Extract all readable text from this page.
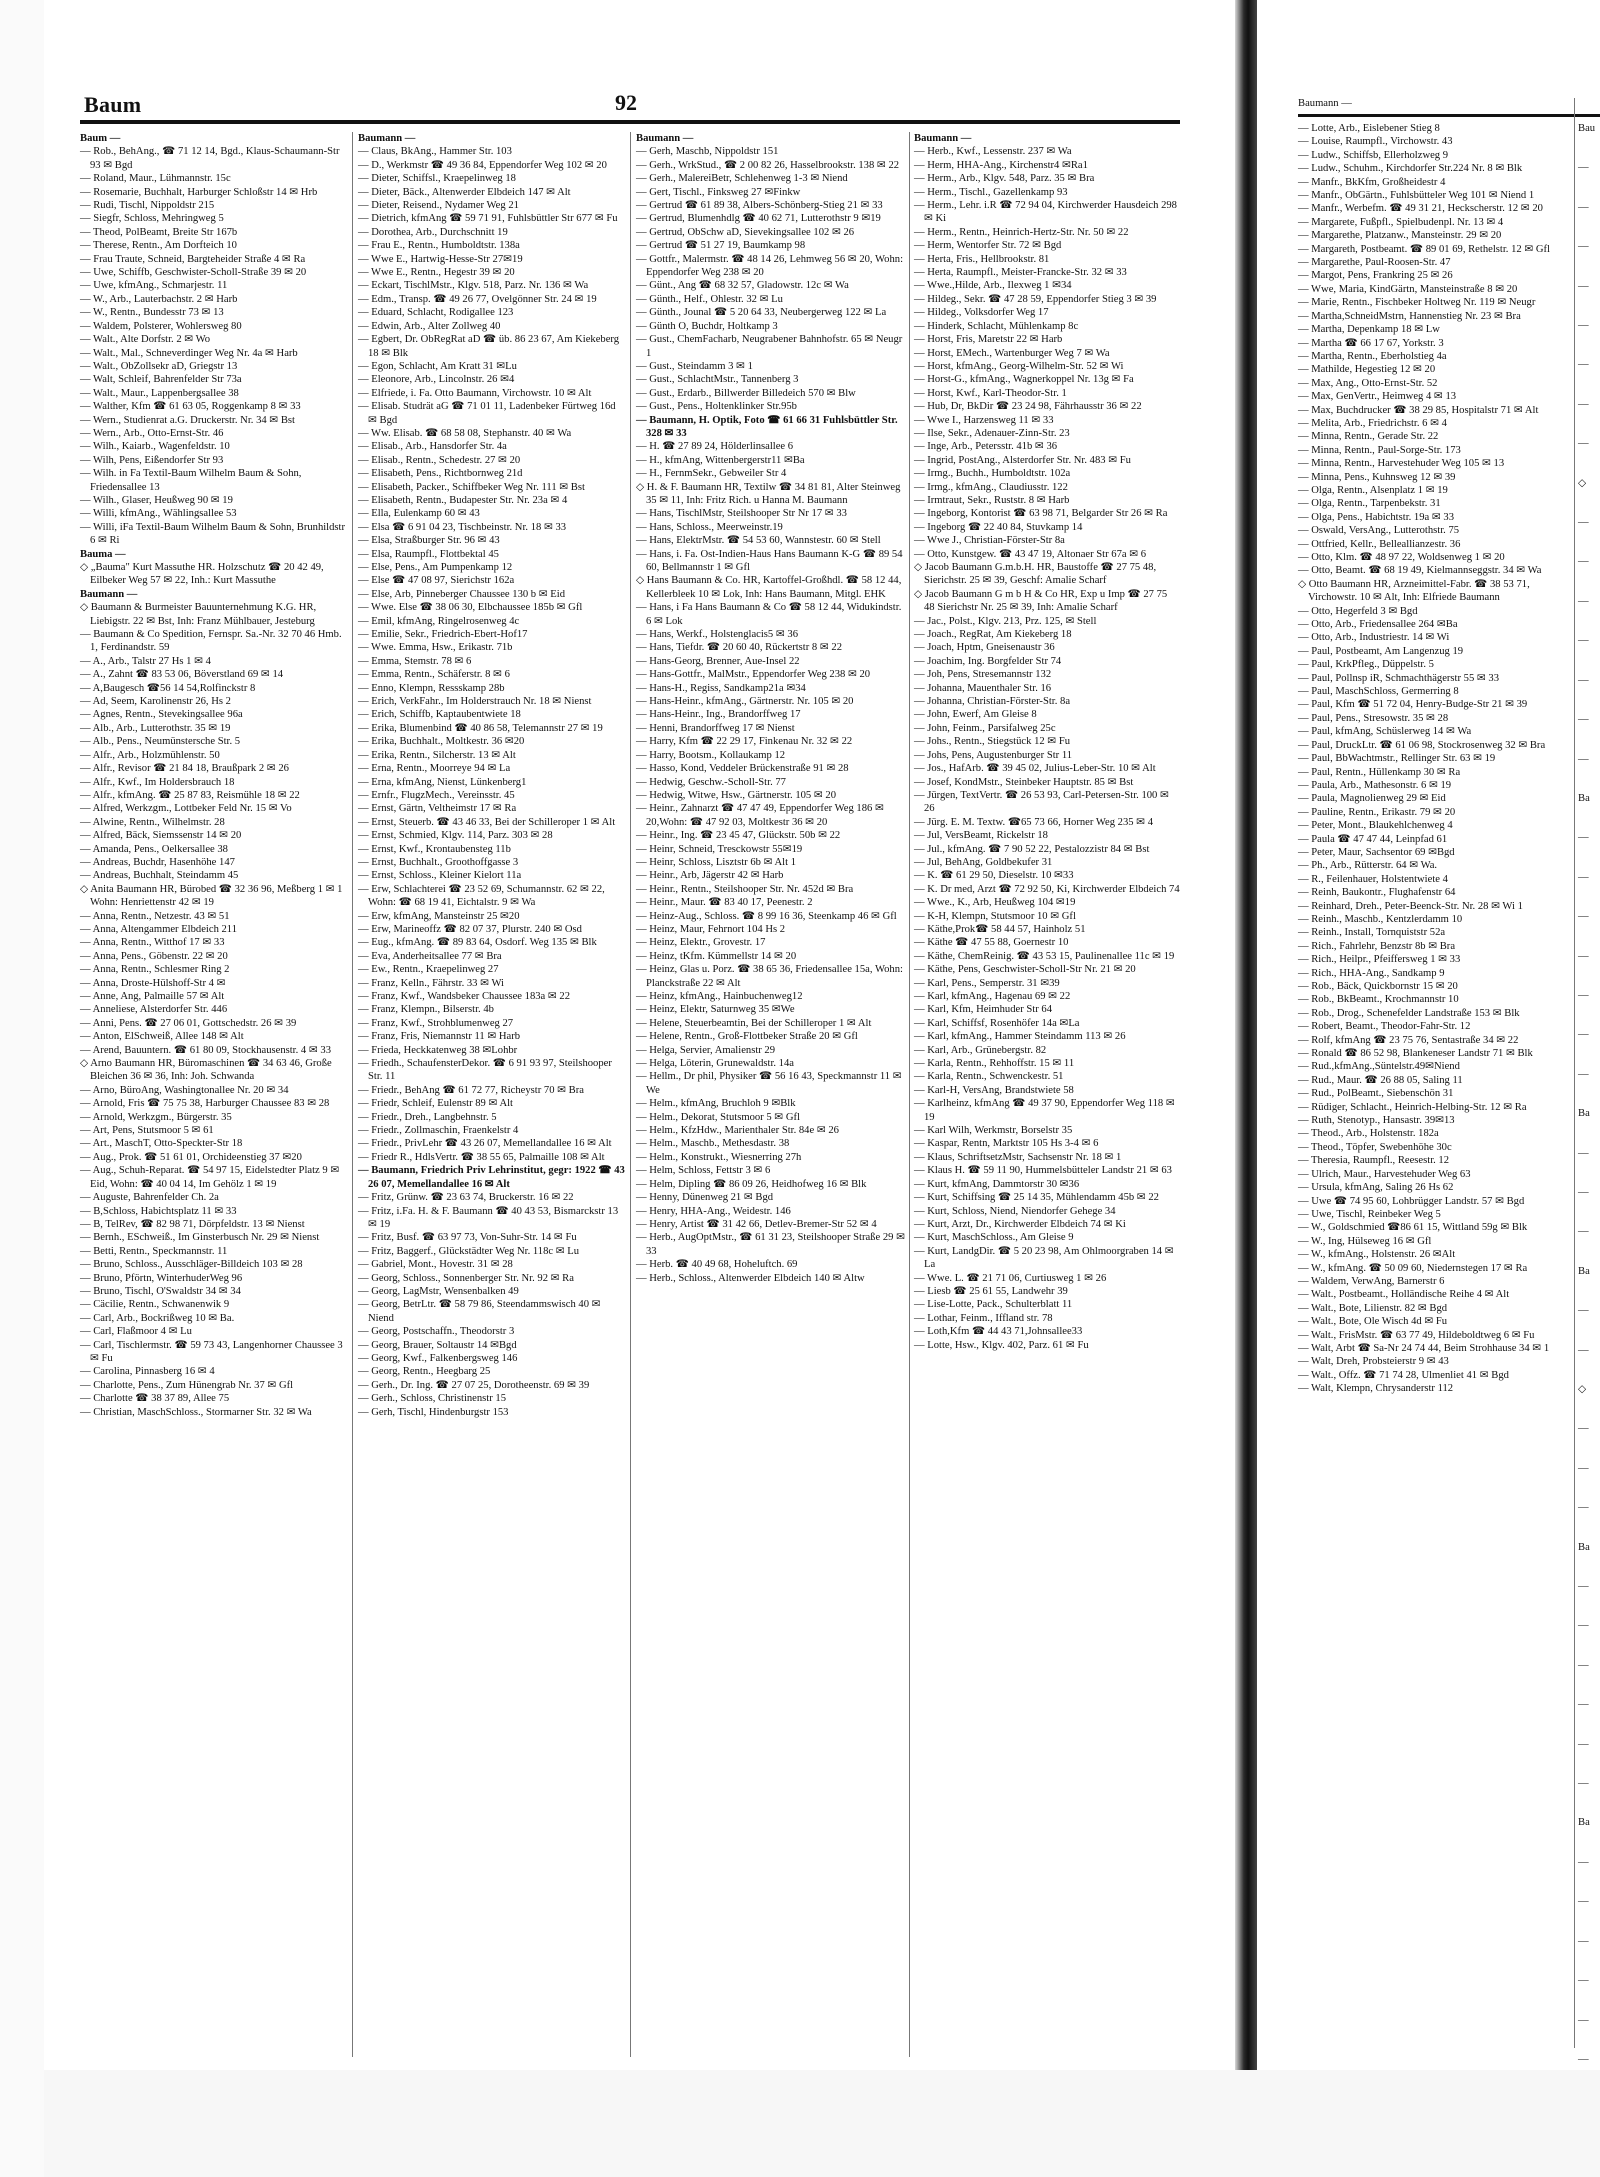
Baum	92

Baum —

— Rob., BehAng., ☎ 71 12 14, Bgd., Klaus-Schaumann-Str 93 ✉ Bgd

— Roland, Maur., Lühmannstr. 15c

— Rosemarie, Buchhalt, Harburger Schloßstr 14 ✉ Hrb

— Rudi, Tischl, Nippoldstr 215

— Siegfr, Schloss, Mehringweg 5

— Theod, PolBeamt, Breite Str 167b

— Therese, Rentn., Am Dorfteich 10

— Frau Traute, Schneid, Bargteheider Straße 4 ✉ Ra

— Uwe, Schiffb, Geschwister-Scholl-Straße 39 ✉ 20

— Uwe, kfmAng., Schmarjestr. 11

— W., Arb., Lauterbachstr. 2 ✉ Harb

— W., Rentn., Bundesstr 73 ✉ 13

— Waldem, Polsterer, Wohlersweg 80

— Walt., Alte Dorfstr. 2 ✉ Wo

— Walt., Mal., Schneverdinger Weg Nr. 4a ✉ Harb

— Walt., ObZollsekr aD, Griegstr 13

— Walt, Schleif, Bahrenfelder Str 73a

— Walt., Maur., Lappenbergsallee 38

— Walther, Kfm ☎ 61 63 05, Roggenkamp 8 ✉ 33

— Wern., Studienrat a.G. Druckerstr. Nr. 34 ✉ Bst

— Wern., Arb., Otto-Ernst-Str. 46

— Wilh., Kaiarb., Wagenfeldstr. 10

— Wilh, Pens, Eißendorfer Str 93

— Wilh. in Fa Textil-Baum Wilhelm Baum & Sohn, Friedensallee 13

— Wilh., Glaser, Heußweg 90 ✉ 19

— Willi, kfmAng., Wählingsallee 53

— Willi, iFa Textil-Baum Wilhelm Baum & Sohn, Brunhildstr 6 ✉ Ri

Bauma —

◇ „Bauma" Kurt Massuthe HR. Holzschutz ☎ 20 42 49, Eilbeker Weg 57 ✉ 22, Inh.: Kurt Massuthe

Baumann —

◇ Baumann & Burmeister Bauunternehmung K.G. HR, Liebigstr. 22 ✉ Bst, Inh: Franz Mühlbauer, Jesteburg

— Baumann & Co Spedition, Fernspr. Sa.-Nr. 32 70 46 Hmb. 1, Ferdinandstr. 59

— A., Arb., Talstr 27 Hs 1 ✉ 4

— A., Zahnt ☎ 83 53 06, Böverstland 69 ✉ 14

— A,Baugesch ☎56 14 54,Rolfinckstr 8

— Ad, Seem, Karolinenstr 26, Hs 2

— Agnes, Rentn., Stevekingsallee 96a

— Alb., Arb., Lutterothstr. 35 ✉ 19

— Alb., Pens., Neumünstersche Str. 5

— Alfr., Arb., Holzmühlenstr. 50

— Alfr., Revisor ☎ 21 84 18, Braußpark 2 ✉ 26

— Alfr., Kwf., Im Holdersbrauch 18

— Alfr., kfmAng. ☎ 25 87 83, Reismühle 18 ✉ 22

— Alfred, Werkzgm., Lottbeker Feld Nr. 15 ✉ Vo

— Alwine, Rentn., Wilhelmstr. 28

— Alfred, Bäck, Siemssenstr 14 ✉ 20

— Amanda, Pens., Oelkersallee 38

— Andreas, Buchdr, Hasenhöhe 147

— Andreas, Buchhalt, Steindamm 45

◇ Anita Baumann HR, Bürobed ☎ 32 36 96, Meßberg 1 ✉ 1 Wohn: Henriettenstr 42 ✉ 19

— Anna, Rentn., Netzestr. 43 ✉ 51

— Anna, Altengammer Elbdeich 211

— Anna, Rentn., Witthof 17 ✉ 33

— Anna, Pens., Göbenstr. 22 ✉ 20

— Anna, Rentn., Schlesmer Ring 2

— Anna, Droste-Hülshoff-Str 4 ✉

— Anne, Ang, Palmaille 57 ✉ Alt

— Anneliese, Alsterdorfer Str. 446

— Anni, Pens. ☎ 27 06 01, Gottschedstr. 26 ✉ 39

— Anton, ElSchweiß, Allee 148 ✉ Alt

— Arend, Bauuntern. ☎ 61 80 09, Stockhausenstr. 4 ✉ 33

◇ Arno Baumann HR, Büromaschinen ☎ 34 63 46, Große Bleichen 36 ✉ 36, Inh: Joh. Schwanda

— Arno, BüroAng, Washingtonallee Nr. 20 ✉ 34

— Arnold, Fris ☎ 75 75 38, Harburger Chaussee 83 ✉ 28

— Arnold, Werkzgm., Bürgerstr. 35

— Art, Pens, Stutsmoor 5 ✉ 61

— Art., MaschT, Otto-Speckter-Str 18

— Aug., Prok. ☎ 51 61 01, Orchideenstieg 37 ✉20

— Aug., Schuh-Reparat. ☎ 54 97 15, Eidelstedter Platz 9 ✉ Eid, Wohn: ☎ 40 04 14, Im Gehölz 1 ✉ 19

— Auguste, Bahrenfelder Ch. 2a

— B,Schloss, Habichtsplatz 11 ✉ 33

— B, TelRev, ☎ 82 98 71, Dörpfeldstr. 13 ✉ Nienst

— Bernh., ESchweiß., Im Ginsterbusch Nr. 29 ✉ Nienst

— Betti, Rentn., Speckmannstr. 11

— Bruno, Schloss., Ausschläger-Billdeich 103 ✉ 28

— Bruno, Pförtn, WinterhuderWeg 96

— Bruno, Tischl, O'Swaldstr 34 ✉ 34

— Cäcilie, Rentn., Schwanenwik 9

— Carl, Arb., Bockrißweg 10 ✉ Ba.

— Carl, Flaßmoor 4 ✉ Lu

— Carl, Tischlermstr. ☎ 59 73 43, Langenhorner Chaussee 3 ✉ Fu

— Carolina, Pinnasberg 16 ✉ 4

— Charlotte, Pens., Zum Hünengrab Nr. 37 ✉ Gfl

— Charlotte ☎ 38 37 89, Allee 75

— Christian, MaschSchloss., Stormarner Str. 32 ✉ Wa

Baumann —

— Claus, BkAng., Hammer Str. 103

— D., Werkmstr ☎ 49 36 84, Eppendorfer Weg 102 ✉ 20

— Dieter, Schiffsl., Kraepelinweg 18

— Dieter, Bäck., Altenwerder Elbdeich 147 ✉ Alt

— Dieter, Reisend., Nydamer Weg 21

— Dietrich, kfmAng ☎ 59 71 91, Fuhlsbüttler Str 677 ✉ Fu

— Dorothea, Arb., Durchschnitt 19

— Frau E., Rentn., Humboldtstr. 138a

— Wwe E., Hartwig-Hesse-Str 27✉19

— Wwe E., Rentn., Hegestr 39 ✉ 20

— Eckart, TischlMstr., Klgv. 518, Parz. Nr. 136 ✉ Wa

— Edm., Transp. ☎ 49 26 77, Ovelgönner Str. 24 ✉ 19

— Eduard, Schlacht, Rodigallee 123

— Edwin, Arb., Alter Zollweg 40

— Egbert, Dr. ObRegRat aD ☎ üb. 86 23 67, Am Kiekeberg 18 ✉ Blk

— Egon, Schlacht, Am Kratt 31 ✉Lu

— Eleonore, Arb., Lincolnstr. 26 ✉4

— Elfriede, i. Fa. Otto Baumann, Virchowstr. 10 ✉ Alt

— Elisab. Studrät aG ☎ 71 01 11, Ladenbeker Fürtweg 16d ✉ Bgd

— Ww. Elisab. ☎ 68 58 08, Stephanstr. 40 ✉ Wa

— Elisab., Arb., Hansdorfer Str. 4a

— Elisab., Rentn., Schedestr. 27 ✉ 20

— Elisabeth, Pens., Richtbornweg 21d

— Elisabeth, Packer., Schiffbeker Weg Nr. 111 ✉ Bst

— Elisabeth, Rentn., Budapester Str. Nr. 23a ✉ 4

— Ella, Eulenkamp 60 ✉ 43

— Elsa ☎ 6 91 04 23, Tischbeinstr. Nr. 18 ✉ 33

— Elsa, Straßburger Str. 96 ✉ 43

— Elsa, Raumpfl., Flottbektal 45

— Else, Pens., Am Pumpenkamp 12

— Else ☎ 47 08 97, Sierichstr 162a

— Else, Arb, Pinneberger Chaussee 130 b ✉ Eid

— Wwe. Else ☎ 38 06 30, Elbchaussee 185b ✉ Gfl

— Emil, kfmAng, Ringelrosenweg 4c

— Emilie, Sekr., Friedrich-Ebert-Hof17

— Wwe. Emma, Hsw., Erikastr. 71b

— Emma, Stemstr. 78 ✉ 6

— Emma, Rentn., Schäferstr. 8 ✉ 6

— Enno, Klempn, Ressskamp 28b

— Erich, VerkFahr., Im Holderstrauch Nr. 18 ✉ Nienst

— Erich, Schiffb, Kaptaubentwiete 18

— Erika, Blumenbind ☎ 40 86 58, Telemannstr 27 ✉ 19

— Erika, Buchhalt., Moltkestr. 36 ✉20

— Erika, Rentn., Silcherstr. 13 ✉ Alt

— Erna, Rentn., Moorreye 94 ✉ La

— Erna, kfmAng, Nienst, Lünkenberg1

— Ernfr., FlugzMech., Vereinsstr. 45

— Ernst, Gärtn, Veltheimstr 17 ✉ Ra

— Ernst, Steuerb. ☎ 43 46 33, Bei der Schilleroper 1 ✉ Alt

— Ernst, Schmied, Klgv. 114, Parz. 303 ✉ 28

— Ernst, Kwf., Krontaubensteg 11b

— Ernst, Buchhalt., Groothoffgasse 3

— Ernst, Schloss., Kleiner Kielort 11a

— Erw, Schlachterei ☎ 23 52 69, Schumannstr. 62 ✉ 22, Wohn: ☎ 68 19 41, Eichtalstr. 9 ✉ Wa

— Erw, kfmAng, Mansteinstr 25 ✉20

— Erw, Marineoffz ☎ 82 07 37, Plurstr. 240 ✉ Osd

— Eug., kfmAng. ☎ 89 83 64, Osdorf. Weg 135 ✉ Blk

— Eva, Anderheitsallee 77 ✉ Bra

— Ew., Rentn., Kraepelinweg 27

— Franz, Kelln., Fährstr. 33 ✉ Wi

— Franz, Kwf., Wandsbeker Chaussee 183a ✉ 22

— Franz, Klempn., Bilserstr. 4b

— Franz, Kwf., Strohblumenweg 27

— Franz, Fris, Niemannstr 11 ✉ Harb

— Frieda, Heckkatenweg 38 ✉Lohbr

— Friedh., SchaufensterDekor. ☎ 6 91 93 97, Steilshooper Str. 11

— Friedr., BehAng ☎ 61 72 77, Richeystr 70 ✉ Bra

— Friedr, Schleif, Eulenstr 89 ✉ Alt

— Friedr., Dreh., Langbehnstr. 5

— Friedr., Zollmaschin, Fraenkelstr 4

— Friedr., PrivLehr ☎ 43 26 07, Memellandallee 16 ✉ Alt

— Friedr R., HdlsVertr. ☎ 38 55 65, Palmaille 108 ✉ Alt

— Baumann, Friedrich Priv Lehrinstitut, gegr: 1922 ☎ 43 26 07, Memellandallee 16 ✉ Alt

— Fritz, Grünw. ☎ 23 63 74, Bruckerstr. 16 ✉ 22

— Fritz, i.Fa. H. & F. Baumann ☎ 40 43 53, Bismarckstr 13 ✉ 19

— Fritz, Busf. ☎ 63 97 73, Von-Suhr-Str. 14 ✉ Fu

— Fritz, Baggerf., Glückstädter Weg Nr. 118c ✉ Lu

— Gabriel, Mont., Hovestr. 31 ✉ 28

— Georg, Schloss., Sonnenberger Str. Nr. 92 ✉ Ra

— Georg, LagMstr, Wensenbalken 49

— Georg, BetrLtr. ☎ 58 79 86, Steendammswisch 40 ✉ Niend

— Georg, Postschaffn., Theodorstr 3

— Georg, Brauer, Soltaustr 14 ✉Bgd

— Georg, Kwf., Falkenbergsweg 146

— Georg, Rentn., Heegbarg 25

— Gerh., Dr. Ing. ☎ 27 07 25, Dorotheenstr. 69 ✉ 39

— Gerh., Schloss, Christinenstr 15

— Gerh, Tischl, Hindenburgstr 153

Baumann —

— Gerh, Maschb, Nippoldstr 151

— Gerh., WrkStud., ☎ 2 00 82 26, Hasselbrookstr. 138 ✉ 22

— Gerh., MalereiBetr, Schlehenweg 1-3 ✉ Niend

— Gert, Tischl., Finksweg 27 ✉Finkw

— Gertrud ☎ 61 89 38, Albers-Schönberg-Stieg 21 ✉ 33

— Gertrud, Blumenhdlg ☎ 40 62 71, Lutterothstr 9 ✉19

— Gertrud, ObSchw aD, Sievekingsallee 102 ✉ 26

— Gertrud ☎ 51 27 19, Baumkamp 98

— Gottfr., Malermstr. ☎ 48 14 26, Lehmweg 56 ✉ 20, Wohn: Eppendorfer Weg 238 ✉ 20

— Günt., Ang ☎ 68 32 57, Gladowstr. 12c ✉ Wa

— Günth., Helf., Ohlestr. 32 ✉ Lu

— Günth., Jounal ☎ 5 20 64 33, Neubergerweg 122 ✉ La

— Günth O, Buchdr, Holtkamp 3

— Gust., ChemFacharb, Neugrabener Bahnhofstr. 65 ✉ Neugr 1

— Gust., Steindamm 3 ✉ 1

— Gust., SchlachtMstr., Tannenberg 3

— Gust., Erdarb., Billwerder Billedeich 570 ✉ Blw

— Gust., Pens., Holtenklinker Str.95b

— Baumann, H. Optik, Foto ☎ 61 66 31 Fuhlsbüttler Str. 328 ✉ 33

— H. ☎ 27 89 24, Hölderlinsallee 6

— H., kfmAng, Wittenbergerstr11 ✉Ba

— H., FernmSekr., Gebweiler Str 4

◇ H. & F. Baumann HR, Textilw ☎ 34 81 81, Alter Steinweg 35 ✉ 11, Inh: Fritz Rich. u Hanna M. Baumann

— Hans, TischlMstr, Steilshooper Str Nr 17 ✉ 33

— Hans, Schloss., Meerweinstr.19

— Hans, ElektrMstr. ☎ 54 53 60, Wannstestr. 60 ✉ Stell

— Hans, i. Fa. Ost-Indien-Haus Hans Baumann K-G ☎ 89 54 60, Bellmannstr 1 ✉ Gfl

◇ Hans Baumann & Co. HR, Kartoffel-Großhdl. ☎ 58 12 44, Kellerbleek 10 ✉ Lok, Inh: Hans Baumann, Mitgl. EHK

— Hans, i Fa Hans Baumann & Co ☎ 58 12 44, Widukindstr. 6 ✉ Lok

— Hans, Werkf., Holstenglacis5 ✉ 36

— Hans, Tiefdr. ☎ 20 60 40, Rückertstr 8 ✉ 22

— Hans-Georg, Brenner, Aue-Insel 22

— Hans-Gottfr., MalMstr., Eppendorfer Weg 238 ✉ 20

— Hans-H., Regiss, Sandkamp21a ✉34

— Hans-Heinr., kfmAng., Gärtnerstr. Nr. 105 ✉ 20

— Hans-Heinr., Ing., Brandorffweg 17

— Henni, Brandorffweg 17 ✉ Nienst

— Harry, Kfm ☎ 22 29 17, Finkenau Nr. 32 ✉ 22

— Harry, Bootsm., Kollaukamp 12

— Hasso, Kond, Veddeler Brückenstraße 91 ✉ 28

— Hedwig, Geschw.-Scholl-Str. 77

— Hedwig, Witwe, Hsw., Gärtnerstr. 105 ✉ 20

— Heinr., Zahnarzt ☎ 47 47 49, Eppendorfer Weg 186 ✉ 20,Wohn: ☎ 47 92 03, Moltkestr 36 ✉ 20

— Heinr., Ing. ☎ 23 45 47, Glückstr. 50b ✉ 22

— Heinr, Schneid, Tresckowstr 55✉19

— Heinr, Schloss, Lisztstr 6b ✉ Alt 1

— Heinr., Arb, Jägerstr 42 ✉ Harb

— Heinr., Rentn., Steilshooper Str. Nr. 452d ✉ Bra

— Heinr., Maur. ☎ 83 40 17, Peenestr. 2

— Heinz-Aug., Schloss. ☎ 8 99 16 36, Steenkamp 46 ✉ Gfl

— Heinz, Maur, Fehrnort 104 Hs 2

— Heinz, Elektr., Grovestr. 17

— Heinz, tKfm. Kümmellstr 14 ✉ 20

— Heinz, Glas u. Porz. ☎ 38 65 36, Friedensallee 15a, Wohn: Planckstraße 22 ✉ Alt

— Heinz, kfmAng., Hainbuchenweg12

— Heinz, Elektr, Saturnweg 35 ✉We

— Helene, Steuerbeamtin, Bei der Schilleroper 1 ✉ Alt

— Helene, Rentn., Groß-Flottbeker Straße 20 ✉ Gfl

— Helga, Servier, Amalienstr 29

— Helga, Löterin, Grunewaldstr. 14a

— Hellm., Dr phil, Physiker ☎ 56 16 43, Speckmannstr 11 ✉ We

— Helm., kfmAng, Bruchloh 9 ✉Blk

— Helm., Dekorat, Stutsmoor 5 ✉ Gfl

— Helm., KfzHdw., Marienthaler Str. 84e ✉ 26

— Helm., Maschb., Methesdastr. 38

— Helm., Konstrukt., Wiesnerring 27h

— Helm, Schloss, Fettstr 3 ✉ 6

— Helm, Dipling ☎ 86 09 26, Heidhofweg 16 ✉ Blk

— Henny, Dünenweg 21 ✉ Bgd

— Henry, HHA-Ang., Weidestr. 146

— Henry, Artist ☎ 31 42 66, Detlev-Bremer-Str 52 ✉ 4

— Herb., AugOptMstr., ☎ 61 31 23, Steilshooper Straße 29 ✉ 33

— Herb. ☎ 40 49 68, Hoheluftch. 69

— Herb., Schloss., Altenwerder Elbdeich 140 ✉ Altw

Baumann —

— Herb., Kwf., Lessenstr. 237 ✉ Wa

— Herm, HHA-Ang., Kirchenstr4 ✉Ra1

— Herm., Arb., Klgv. 548, Parz. 35 ✉ Bra

— Herm., Tischl., Gazellenkamp 93

— Herm., Lehr. i.R ☎ 72 94 04, Kirchwerder Hausdeich 298 ✉ Ki

— Herm., Rentn., Heinrich-Hertz-Str. Nr. 50 ✉ 22

— Herm, Wentorfer Str. 72 ✉ Bgd

— Herta, Fris., Hellbrookstr. 81

— Herta, Raumpfl., Meister-Francke-Str. 32 ✉ 33

— Wwe.,Hilde, Arb., Ilexweg 1 ✉34

— Hildeg., Sekr. ☎ 47 28 59, Eppendorfer Stieg 3 ✉ 39

— Hildeg., Volksdorfer Weg 17

— Hinderk, Schlacht, Mühlenkamp 8c

— Horst, Fris, Maretstr 22 ✉ Harb

— Horst, EMech., Wartenburger Weg 7 ✉ Wa

— Horst, kfmAng., Georg-Wilhelm-Str. 52 ✉ Wi

— Horst-G., kfmAng., Wagnerkoppel Nr. 13g ✉ Fa

— Horst, Kwf., Karl-Theodor-Str. 1

— Hub, Dr, BkDir ☎ 23 24 98, Fährhausstr 36 ✉ 22

— Wwe I., Harzensweg 11 ✉ 33

— Ilse, Sekr., Adenauer-Zinn-Str. 23

— Inge, Arb., Petersstr. 41b ✉ 36

— Ingrid, PostAng., Alsterdorfer Str. Nr. 483 ✉ Fu

— Irmg., Buchh., Humboldtstr. 102a

— Irmg., kfmAng., Claudiusstr. 122

— Irmtraut, Sekr., Ruststr. 8 ✉ Harb

— Ingeborg, Kontorist ☎ 63 98 71, Belgarder Str 26 ✉ Ra

— Ingeborg ☎ 22 40 84, Stuvkamp 14

— Wwe J., Christian-Förster-Str 8a

— Otto, Kunstgew. ☎ 43 47 19, Altonaer Str 67a ✉ 6

◇ Jacob Baumann G.m.b.H. HR, Baustoffe ☎ 27 75 48, Sierichstr. 25 ✉ 39, Geschf: Amalie Scharf

◇ Jacob Baumann G m b H & Co HR, Exp u Imp ☎ 27 75 48 Sierichstr Nr. 25 ✉ 39, Inh: Amalie Scharf

— Jac., Polst., Klgv. 213, Prz. 125, ✉ Stell

— Joach., RegRat, Am Kiekeberg 18

— Joach, Hptm, Gneisenaustr 36

— Joachim, Ing. Borgfelder Str 74

— Joh, Pens, Stresemannstr 132

— Johanna, Mauenthaler Str. 16

— Johanna, Christian-Förster-Str. 8a

— John, Ewerf, Am Gleise 8

— John, Feinm., Parsifalweg 25c

— Johs., Rentn., Stiegstück 12 ✉ Fu

— Johs, Pens, Augustenburger Str 11

— Jos., HafArb. ☎ 39 45 02, Julius-Leber-Str. 10 ✉ Alt

— Josef, KondMstr., Steinbeker Hauptstr. 85 ✉ Bst

— Jürgen, TextVertr. ☎ 26 53 93, Carl-Petersen-Str. 100 ✉ 26

— Jürg. E. M. Textw. ☎65 73 66, Horner Weg 235 ✉ 4

— Jul, VersBeamt, Rickelstr 18

— Jul., kfmAng. ☎ 7 90 52 22, Pestalozzistr 84 ✉ Bst

— Jul, BehAng, Goldbekufer 31

— K. ☎ 61 29 50, Dieselstr. 10 ✉33

— K. Dr med, Arzt ☎ 72 92 50, Ki, Kirchwerder Elbdeich 74

— Wwe., K., Arb, Heußweg 104 ✉19

— K-H, Klempn, Stutsmoor 10 ✉ Gfl

— Käthe,Prok☎ 58 44 57, Hainholz 51

— Käthe ☎ 47 55 88, Goernestr 10

— Käthe, ChemReinig. ☎ 43 53 15, Paulinenallee 11c ✉ 19

— Käthe, Pens, Geschwister-Scholl-Str Nr. 21 ✉ 20

— Karl, Pens., Semperstr. 31 ✉39

— Karl, kfmAng., Hagenau 69 ✉ 22

— Karl, Kfm, Heimhuder Str 64

— Karl, Schiffsf, Rosenhöfer 14a ✉La

— Karl, kfmAng., Hammer Steindamm 113 ✉ 26

— Karl, Arb., Grünebergstr. 82

— Karla, Rentn., Rehhoffstr. 15 ✉ 11

— Karla, Rentn., Schwenckestr. 51

— Karl-H, VersAng, Brandstwiete 58

— Karlheinz, kfmAng ☎ 49 37 90, Eppendorfer Weg 118 ✉ 19

— Karl Wilh, Werkmstr, Borselstr 35

— Kaspar, Rentn, Marktstr 105 Hs 3-4 ✉ 6

— Klaus, SchriftsetzMstr, Sachsenstr Nr. 18 ✉ 1

— Klaus H. ☎ 59 11 90, Hummelsbütteler Landstr 21 ✉ 63

— Kurt, kfmAng, Dammtorstr 30 ✉36

— Kurt, Schiffsing ☎ 25 14 35, Mühlendamm 45b ✉ 22

— Kurt, Schloss, Niend, Niendorfer Gehege 34

— Kurt, Arzt, Dr., Kirchwerder Elbdeich 74 ✉ Ki

— Kurt, MaschSchloss., Am Gleise 9

— Kurt, LandgDir. ☎ 5 20 23 98, Am Ohlmoorgraben 14 ✉ La

— Wwe. L. ☎ 21 71 06, Curtiusweg 1 ✉ 26

— Liesb ☎ 25 61 55, Landwehr 39

— Lise-Lotte, Pack., Schulterblatt 11

— Lothar, Feinm., Iffland str. 78

— Loth,Kfm ☎ 44 43 71,Johnsallee33

— Lotte, Hsw., Klgv. 402, Parz. 61 ✉ Fu

Baumann —

— Lotte, Arb., Eislebener Stieg 8

— Louise, Raumpfl., Virchowstr. 43

— Ludw., Schiffsb, Ellerholzweg 9

— Ludw., Schuhm., Kirchdorfer Str.224 Nr. 8 ✉ Blk

— Manfr., BkKfm, Großheidestr 4

— Manfr., ObGärtn., Fuhlsbütteler Weg 101 ✉ Niend 1

— Manfr., Werbefm. ☎ 49 31 21, Heckscherstr. 12 ✉ 20

— Margarete, Fußpfl., Spielbudenpl. Nr. 13 ✉ 4

— Margarethe, Platzanw., Mansteinstr. 29 ✉ 20

— Margareth, Postbeamt. ☎ 89 01 69, Rethelstr. 12 ✉ Gfl

— Margarethe, Paul-Roosen-Str. 47

— Margot, Pens, Frankring 25 ✉ 26

— Wwe, Maria, KindGärtn, Mansteinstraße 8 ✉ 20

— Marie, Rentn., Fischbeker Holtweg Nr. 119 ✉ Neugr

— Martha,SchneidMstrn, Hannenstieg Nr. 23 ✉ Bra

— Martha, Depenkamp 18 ✉ Lw

— Martha ☎ 66 17 67, Yorkstr. 3

— Martha, Rentn., Eberholstieg 4a

— Mathilde, Hegestieg 12 ✉ 20

— Max, Ang., Otto-Ernst-Str. 52

— Max, GenVertr., Heimweg 4 ✉ 13

— Max, Buchdrucker ☎ 38 29 85, Hospitalstr 71 ✉ Alt

— Melita, Arb., Friedrichstr. 6 ✉ 4

— Minna, Rentn., Gerade Str. 22

— Minna, Rentn., Paul-Sorge-Str. 173

— Minna, Rentn., Harvestehuder Weg 105 ✉ 13

— Minna, Pens., Kuhnsweg 12 ✉ 39

— Olga, Rentn., Alsenplatz 1 ✉ 19

— Olga, Rentn., Tarpenbekstr. 31

— Olga, Pens., Habichtstr. 19a ✉ 33

— Oswald, VersAng., Lutterothstr. 75

— Ottfried, Kellr., Belleallianzestr. 36

— Otto, Klm. ☎ 48 97 22, Woldsenweg 1 ✉ 20

— Otto, Beamt. ☎ 68 19 49, Kielmannseggstr. 34 ✉ Wa

◇ Otto Baumann HR, Arzneimittel-Fabr. ☎ 38 53 71, Virchowstr. 10 ✉ Alt, Inh: Elfriede Baumann

— Otto, Hegerfeld 3 ✉ Bgd

— Otto, Arb., Friedensallee 264 ✉Ba

— Otto, Arb., Industriestr. 14 ✉ Wi

— Paul, Postbeamt, Am Langenzug 19

— Paul, KrkPfleg., Düppelstr. 5

— Paul, Pollnsp iR, Schmachthägerstr 55 ✉ 33

— Paul, MaschSchloss, Germerring 8

— Paul, Kfm ☎ 51 72 04, Henry-Budge-Str 21 ✉ 39

— Paul, Pens., Stresowstr. 35 ✉ 28

— Paul, kfmAng, Schüslerweg 14 ✉ Wa

— Paul, DruckLtr. ☎ 61 06 98, Stockrosenweg 32 ✉ Bra

— Paul, BbWachtmstr., Rellinger Str. 63 ✉ 19

— Paul, Rentn., Hüllenkamp 30 ✉ Ra

— Paula, Arb., Mathesonstr. 6 ✉ 19

— Paula, Magnolienweg 29 ✉ Eid

— Pauline, Rentn., Erikastr. 79 ✉ 20

— Peter, Mont., Blaukehlchenweg 4

— Paula ☎ 47 47 44, Leinpfad 61

— Peter, Maur, Sachsentor 69 ✉Bgd

— Ph., Arb., Rütterstr. 64 ✉ Wa.

— R., Feilenhauer, Holstentwiete 4

— Reinh, Baukontr., Flughafenstr 64

— Reinhard, Dreh., Peter-Beenck-Str. Nr. 28 ✉ Wi 1

— Reinh., Maschb., Kentzlerdamm 10

— Reinh., Install, Tornquiststr 52a

— Rich., Fahrlehr, Benzstr 8b ✉ Bra

— Rich., Heilpr., Pfeiffersweg 1 ✉ 33

— Rich., HHA-Ang., Sandkamp 9

— Rob., Bäck, Quickbornstr 15 ✉ 20

— Rob., BkBeamt., Krochmannstr 10

— Rob., Drog., Schenefelder Landstraße 153 ✉ Blk

— Robert, Beamt., Theodor-Fahr-Str. 12

— Rolf, kfmAng ☎ 23 75 76, Sentastraße 34 ✉ 22

— Ronald ☎ 86 52 98, Blankeneser Landstr 71 ✉ Blk

— Rud.,kfmAng.,Süntelstr.49✉Niend

— Rud., Maur. ☎ 26 88 05, Saling 11

— Rud., PolBeamt., Siebenschön 31

— Rüdiger, Schlacht., Heinrich-Helbing-Str. 12 ✉ Ra

— Ruth, Stenotyp., Hansastr. 39✉13

— Theod., Arb., Holstenstr. 182a

— Theod., Töpfer, Swebenhöhe 30c

— Theresia, Raumpfl., Reesestr. 12

— Ulrich, Maur., Harvestehuder Weg 63

— Ursula, kfmAng, Saling 26 Hs 62

— Uwe ☎ 74 95 60, Lohbrügger Landstr. 57 ✉ Bgd

— Uwe, Tischl, Reinbeker Weg 5

— W., Goldschmied ☎86 61 15, Wittland 59g ✉ Blk

— W., Ing, Hülseweg 16 ✉ Gfl

— W., kfmAng., Holstenstr. 26 ✉Alt

— W., kfmAng. ☎ 50 09 60, Niedernstegen 17 ✉ Ra

— Waldem, VerwAng, Barnerstr 6

— Walt., Postbeamt., Holländische Reihe 4 ✉ Alt

— Walt., Bote, Lilienstr. 82 ✉ Bgd

— Walt., Bote, Ole Wisch 4d ✉ Fu

— Walt., FrisMstr. ☎ 63 77 49, Hildeboldtweg 6 ✉ Fu

— Walt, Arbt ☎ Sa-Nr 24 74 44, Beim Strohhause 34 ✉ 1

— Walt, Dreh, Probsteierstr 9 ✉ 43

— Walt., Offz. ☎ 71 74 28, Ulmenliet 41 ✉ Bgd

— Walt, Klempn, Chrysanderstr 112

Bau
—
—
—
—
—
—
—
—
◇
—
—
—
—
—
—
—
Ba
—
—
—
—
—
—
—
Ba
—
—
—
Ba
—
—
◇
—
—
—
Ba
—
—
—
—
—
—
Ba
—
—
—
—
—
—
